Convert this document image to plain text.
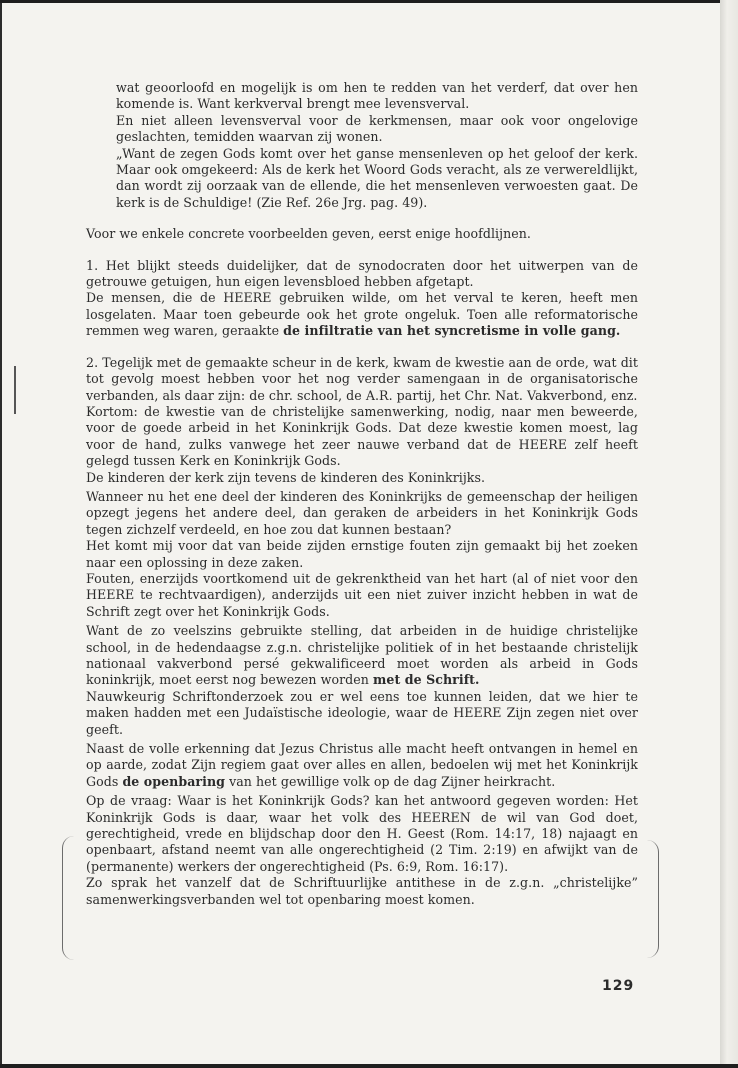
wat geoorloofd en mogelijk is om hen te redden van het verderf, dat over hen komende is. Want kerkverval brengt mee levensverval.

En niet alleen levensverval voor de kerkmensen, maar ook voor ongelovige geslachten, temidden waarvan zij wonen.

„Want de zegen Gods komt over het ganse mensenleven op het geloof der kerk. Maar ook omgekeerd: Als de kerk het Woord Gods veracht, als ze verwereldlijkt, dan wordt zij oorzaak van de ellende, die het mensenleven verwoesten gaat. De kerk is de Schuldige! (Zie Ref. 26e Jrg. pag. 49).

Voor we enkele concrete voorbeelden geven, eerst enige hoofdlijnen.

1. Het blijkt steeds duidelijker, dat de synodocraten door het uitwerpen van de getrouwe getuigen, hun eigen levensbloed hebben afgetapt.

De mensen, die de HEERE gebruiken wilde, om het verval te keren, heeft men losgelaten. Maar toen gebeurde ook het grote ongeluk. Toen alle reformatorische remmen weg waren, geraakte de infiltratie van het syncretisme in volle gang.

2. Tegelijk met de gemaakte scheur in de kerk, kwam de kwestie aan de orde, wat dit tot gevolg moest hebben voor het nog verder samengaan in de organisatorische verbanden, als daar zijn: de chr. school, de A.R. partij, het Chr. Nat. Vakverbond, enz.

Kortom: de kwestie van de christelijke samenwerking, nodig, naar men beweerde, voor de goede arbeid in het Koninkrijk Gods. Dat deze kwestie komen moest, lag voor de hand, zulks vanwege het zeer nauwe verband dat de HEERE zelf heeft gelegd tussen Kerk en Koninkrijk Gods.

De kinderen der kerk zijn tevens de kinderen des Koninkrijks.

Wanneer nu het ene deel der kinderen des Koninkrijks de gemeenschap der heiligen opzegt jegens het andere deel, dan geraken de arbeiders in het Koninkrijk Gods tegen zichzelf verdeeld, en hoe zou dat kunnen bestaan?

Het komt mij voor dat van beide zijden ernstige fouten zijn gemaakt bij het zoeken naar een oplossing in deze zaken.

Fouten, enerzijds voortkomend uit de gekrenktheid van het hart (al of niet voor den HEERE te rechtvaardigen), anderzijds uit een niet zuiver inzicht hebben in wat de Schrift zegt over het Koninkrijk Gods.

Want de zo veelszins gebruikte stelling, dat arbeiden in de huidige christelijke school, in de hedendaagse z.g.n. christelijke politiek of in het bestaande christelijk nationaal vakverbond persé gekwalificeerd moet worden als arbeid in Gods koninkrijk, moet eerst nog bewezen worden met de Schrift.

Nauwkeurig Schriftonderzoek zou er wel eens toe kunnen leiden, dat we hier te maken hadden met een Judaïstische ideologie, waar de HEERE Zijn zegen niet over geeft.

Naast de volle erkenning dat Jezus Christus alle macht heeft ontvangen in hemel en op aarde, zodat Zijn regiem gaat over alles en allen, bedoelen wij met het Koninkrijk Gods de openbaring van het gewillige volk op de dag Zijner heirkracht.

Op de vraag: Waar is het Koninkrijk Gods? kan het antwoord gegeven worden: Het Koninkrijk Gods is daar, waar het volk des HEEREN de wil van God doet, gerechtigheid, vrede en blijdschap door den H. Geest (Rom. 14:17, 18) najaagt en openbaart, afstand neemt van alle ongerechtigheid (2 Tim. 2:19) en afwijkt van de (permanente) werkers der ongerechtigheid (Ps. 6:9, Rom. 16:17).

Zo sprak het vanzelf dat de Schriftuurlijke antithese in de z.g.n. „christelijke” samenwerkingsverbanden wel tot openbaring moest komen.

129
